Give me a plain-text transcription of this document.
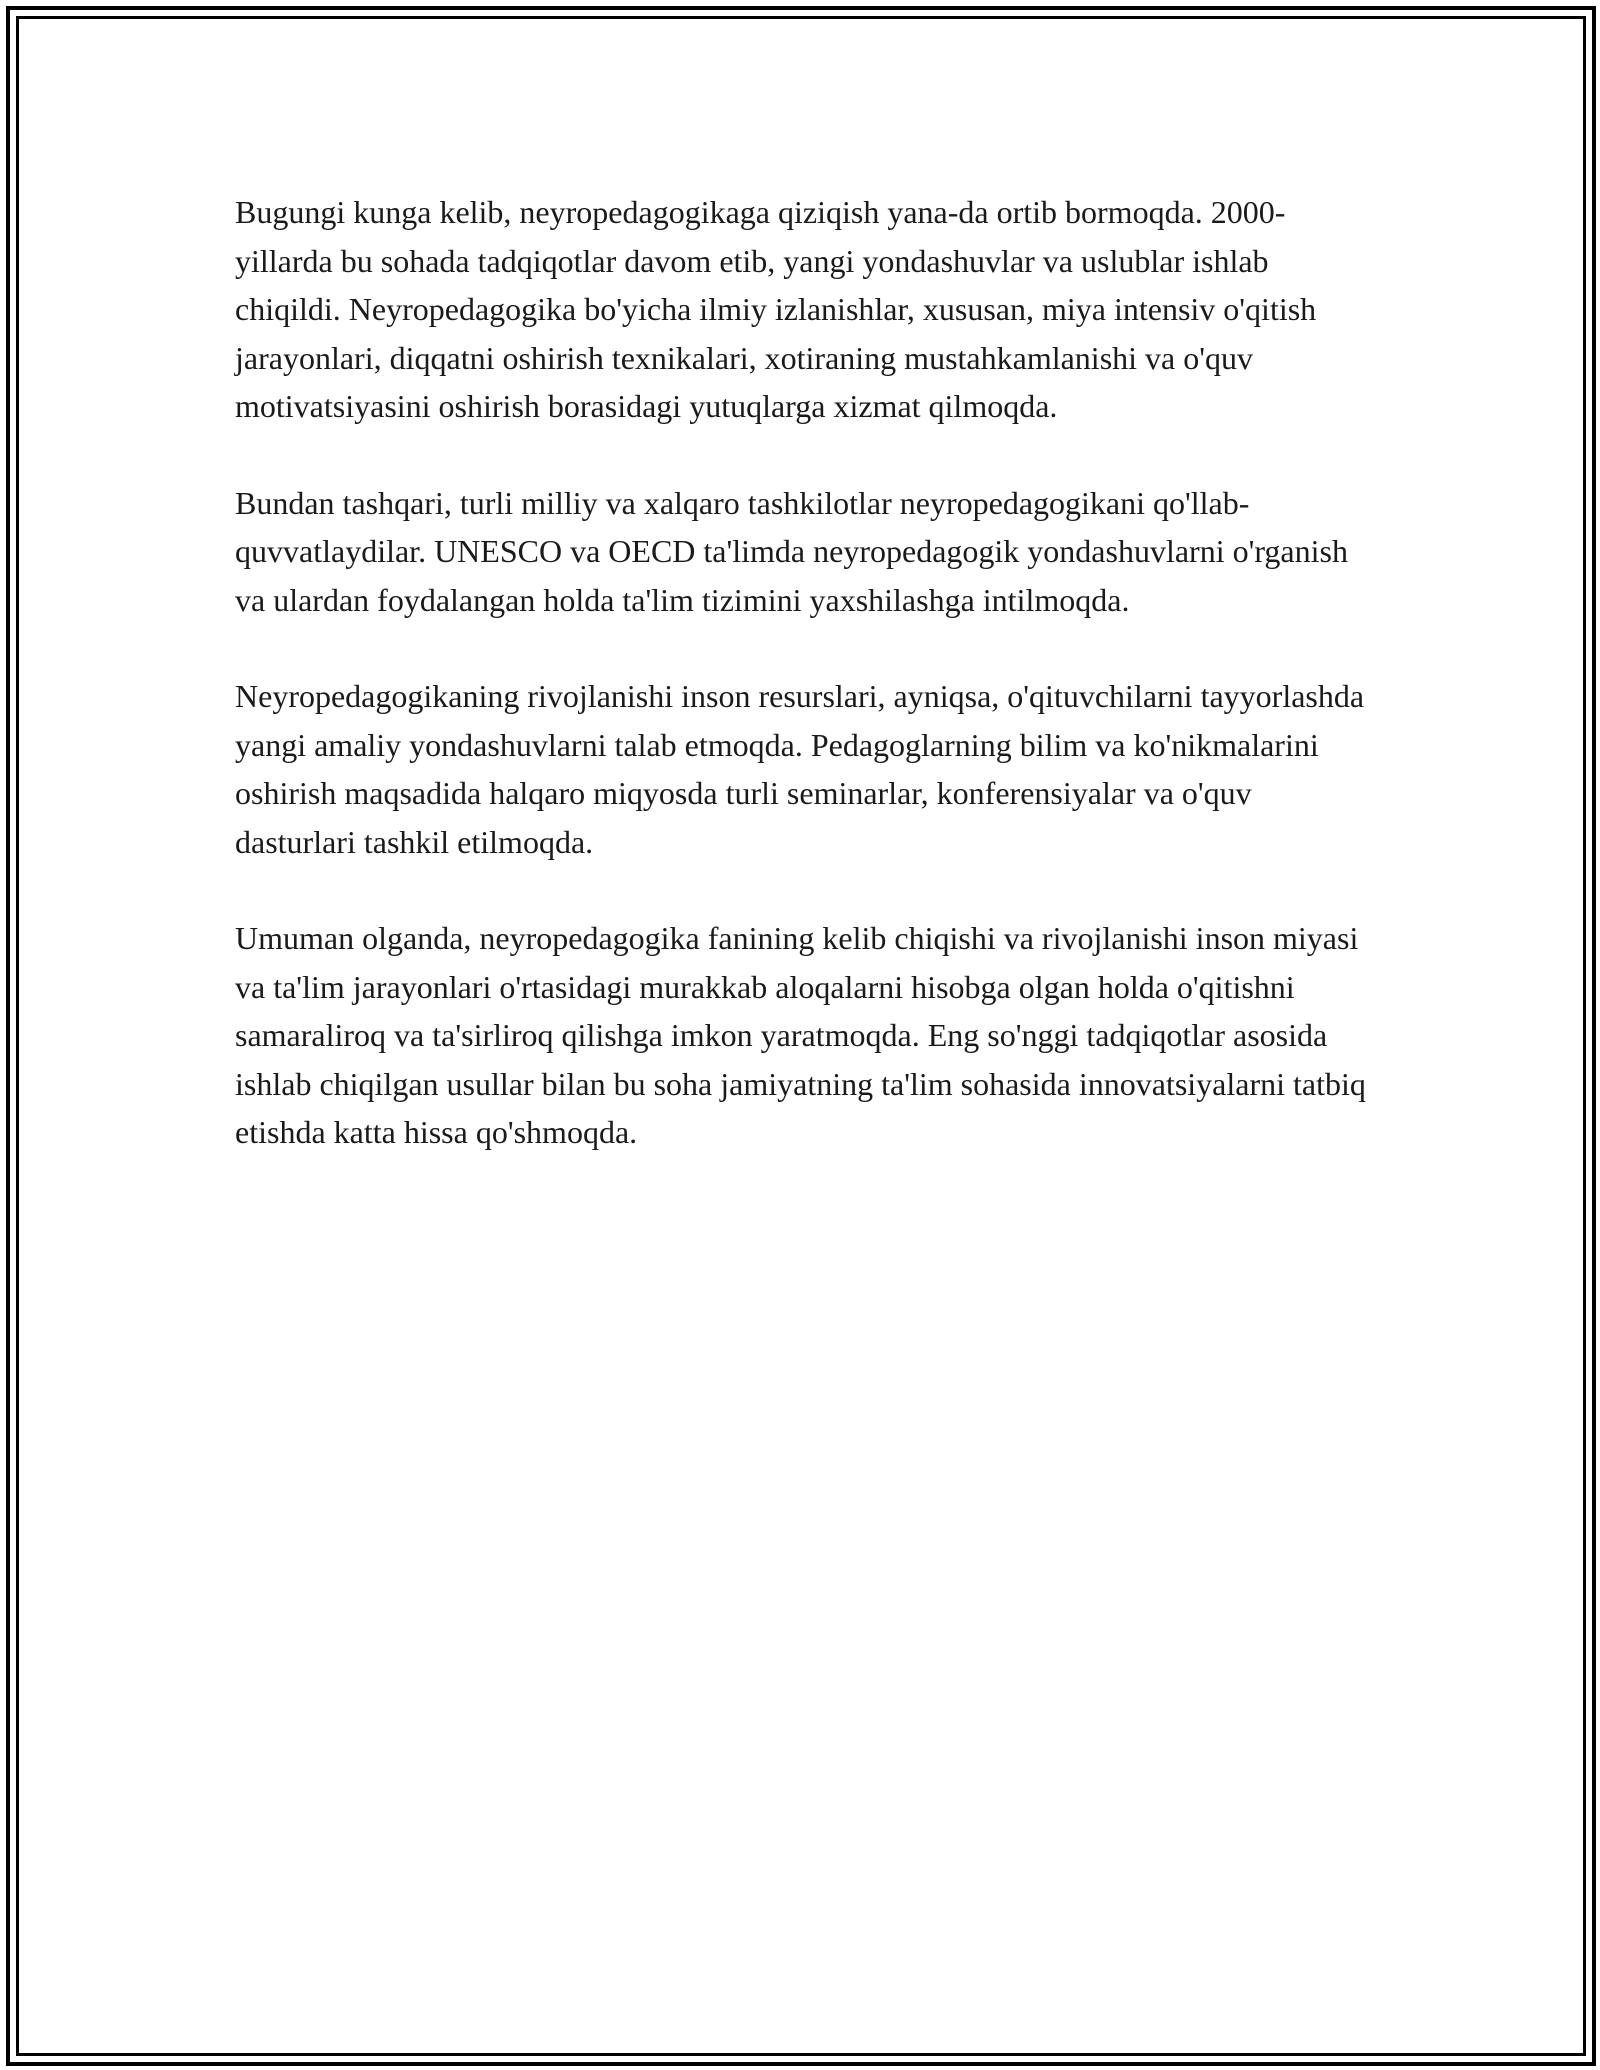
Bugungi kunga kelib, neyropedagogikaga qiziqish yana-da ortib bormoqda. 2000-yillarda bu sohada tadqiqotlar davom etib, yangi yondashuvlar va uslublar ishlab chiqildi. Neyropedagogika bo'yicha ilmiy izlanishlar, xususan, miya intensiv o'qitish jarayonlari, diqqatni oshirish texnikalari, xotiraning mustahkamlanishi va o'quv motivatsiyasini oshirish borasidagi yutuqlarga xizmat qilmoqda.

Bundan tashqari, turli milliy va xalqaro tashkilotlar neyropedagogikani qo'llab-quvvatlaydilar. UNESCO va OECD ta'limda neyropedagogik yondashuvlarni o'rganish va ulardan foydalangan holda ta'lim tizimini yaxshilashga intilmoqda.

Neyropedagogikaning rivojlanishi inson resurslari, ayniqsa, o'qituvchilarni tayyorlashda yangi amaliy yondashuvlarni talab etmoqda. Pedagoglarning bilim va ko'nikmalarini oshirish maqsadida halqaro miqyosda turli seminarlar, konferensiyalar va o'quv dasturlari tashkil etilmoqda.

Umuman olganda, neyropedagogika fanining kelib chiqishi va rivojlanishi inson miyasi va ta'lim jarayonlari o'rtasidagi murakkab aloqalarni hisobga olgan holda o'qitishni samaraliroq va ta'sirliroq qilishga imkon yaratmoqda. Eng so'nggi tadqiqotlar asosida ishlab chiqilgan usullar bilan bu soha jamiyatning ta'lim sohasida innovatsiyalarni tatbiq etishda katta hissa qo'shmoqda.
